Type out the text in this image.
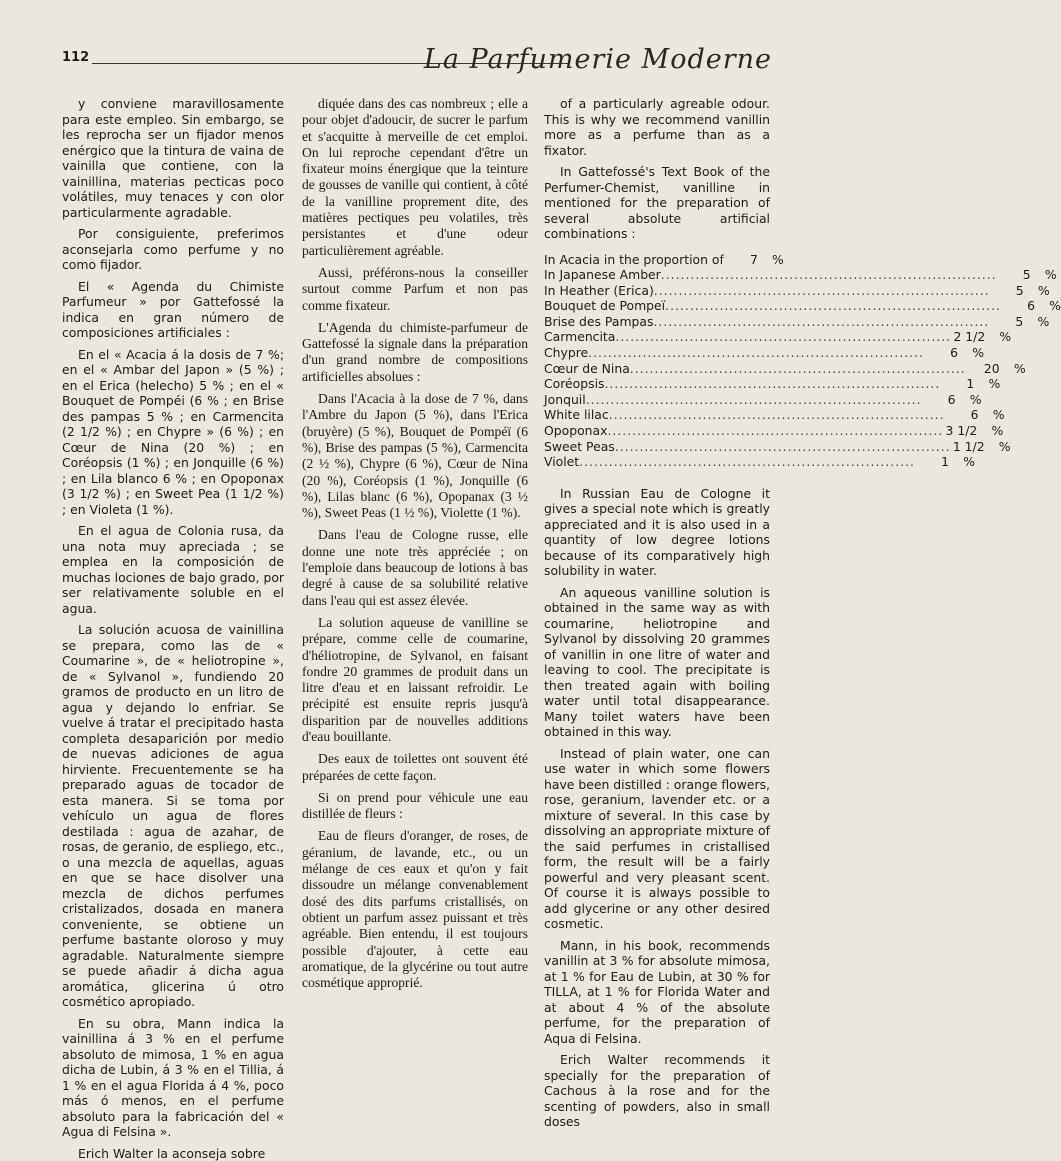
112	La Parfumerie Moderne

y conviene maravillosamente para este empleo. Sin embargo, se les reprocha ser un fijador menos enérgico que la tintura de vaina de vainilla que contiene, con la vainillina, materias pecticas poco volátiles, muy tenaces y con olor particularmente agradable.

Por consiguiente, preferimos aconsejarla como perfume y no como fijador.

El « Agenda du Chimiste Parfumeur » por Gattefossé la indica en gran número de composiciones artificiales :

En el « Acacia á la dosis de 7 %; en el « Ambar del Japon » (5 %) ; en el Erica (helecho) 5 % ; en el « Bouquet de Pompéi (6 % ; en Brise des pampas 5 % ; en Carmencita (2 1/2 %) ; en Chypre » (6 %) ; en Cœur de Nina (20 %) ; en Coréopsis (1 %) ; en Jonquille (6 %) ; en Lila blanco 6 % ; en Opoponax (3 1/2 %) ; en Sweet Pea (1 1/2 %) ; en Violeta (1 %).

En el agua de Colonia rusa, da una nota muy apreciada ; se emplea en la composición de muchas lociones de bajo grado, por ser relativamente soluble en el agua.

La solución acuosa de vainillina se prepara, como las de « Coumarine », de « heliotropine », de « Sylvanol », fundiendo 20 gramos de producto en un litro de agua y dejando lo enfriar. Se vuelve á tratar el precipitado hasta completa desaparición por medio de nuevas adiciones de agua hirviente. Frecuentemente se ha preparado aguas de tocador de esta manera. Si se toma por vehículo un agua de flores destilada : agua de azahar, de rosas, de geranio, de espliego, etc., o una mezcla de aquellas, aguas en que se hace disolver una mezcla de dichos perfumes cristalizados, dosada en manera conveniente, se obtiene un perfume bastante oloroso y muy agradable. Naturalmente siempre se puede añadir á dicha agua aromática, glicerina ú otro cosmético apropiado.

En su obra, Mann indica la vainillina á 3 % en el perfume absoluto de mimosa, 1 % en agua dicha de Lubin, á 3 % en el Tillia, á 1 % en el agua Florida á 4 %, poco más ó menos, en el perfume absoluto para la fabricación del « Agua di Felsina ».

Erich Walter la aconseja sobre

diquée dans des cas nombreux ; elle a pour objet d'adoucir, de sucrer le parfum et s'acquitte à merveille de cet emploi. On lui reproche cependant d'être un fixateur moins énergique que la teinture de gousses de vanille qui contient, à côté de la vanilline proprement dite, des matières pectiques peu volatiles, très persistantes et d'une odeur particulièrement agréable.

Aussi, préférons-nous la conseiller surtout comme Parfum et non pas comme fixateur.

L'Agenda du chimiste-parfumeur de Gattefossé la signale dans la préparation d'un grand nombre de compositions artificielles absolues :

Dans l'Acacia à la dose de 7 %, dans l'Ambre du Japon (5 %), dans l'Erica (bruyère) (5 %), Bouquet de Pompéï (6 %), Brise des pampas (5 %), Carmencita (2 ½ %), Chypre (6 %), Cœur de Nina (20 %), Coréopsis (1 %), Jonquille (6 %), Lilas blanc (6 %), Opopanax (3 ½ %), Sweet Peas (1 ½ %), Violette (1 %).

Dans l'eau de Cologne russe, elle donne une note très appréciée ; on l'emploie dans beaucoup de lotions à bas degré à cause de sa solubilité relative dans l'eau qui est assez élevée.

La solution aqueuse de vanilline se prépare, comme celle de coumarine, d'héliotropine, de Sylvanol, en faisant fondre 20 grammes de produit dans un litre d'eau et en laissant refroidir. Le précipité est ensuite repris jusqu'à disparition par de nouvelles additions d'eau bouillante.

Des eaux de toilettes ont souvent été préparées de cette façon.

Si on prend pour véhicule une eau distillée de fleurs :

Eau de fleurs d'oranger, de roses, de géranium, de lavande, etc., ou un mélange de ces eaux et qu'on y fait dissoudre un mélange convenablement dosé des dits parfums cristallisés, on obtient un parfum assez puissant et très agréable. Bien entendu, il est toujours possible d'ajouter, à cette eau aromatique, de la glycérine ou tout autre cosmétique approprié.

of a particularly agreable odour. This is why we recommend vanillin more as a perfume than as a fixator.

In Gattefossé's Text Book of the Perfumer-Chemist, vanilline in mentioned for the preparation of several absolute artificial combinations :

In Acacia in the proportion of	7	%
In Japanese Amber .....	5	%
In Heather (Erica) .....	5	%
Bouquet de Pompeï .....	6	%
Brise des Pampas .....	5	%
Carmencita .....	2 1/2	%
Chypre .....	6	%
Cœur de Nina .....	20	%
Coréopsis .....	1	%
Jonquil .....	6	%
White lilac .....	6	%
Opoponax .....	3 1/2	%
Sweet Peas .....	1 1/2	%
Violet .....	1	%

In Russian Eau de Cologne it gives a special note which is greatly appreciated and it is also used in a quantity of low degree lotions because of its comparatively high solubility in water.

An aqueous vanilline solution is obtained in the same way as with coumarine, heliotropine and Sylvanol by dissolving 20 grammes of vanillin in one litre of water and leaving to cool. The precipitate is then treated again with boiling water until total disappearance. Many toilet waters have been obtained in this way.

Instead of plain water, one can use water in which some flowers have been distilled : orange flowers, rose, geranium, lavender etc. or a mixture of several. In this case by dissolving an appropriate mixture of the said perfumes in cristallised form, the result will be a fairly powerful and very pleasant scent. Of course it is always possible to add glycerine or any other desired cosmetic.

Mann, in his book, recommends vanillin at 3 % for absolute mimosa, at 1 % for Eau de Lubin, at 30 % for TILLA, at 1 % for Florida Water and at about 4 % of the absolute perfume, for the preparation of Aqua di Felsina.

Erich Walter recommends it specially for the preparation of Cachous à la rose and for the scenting of powders, also in small doses
